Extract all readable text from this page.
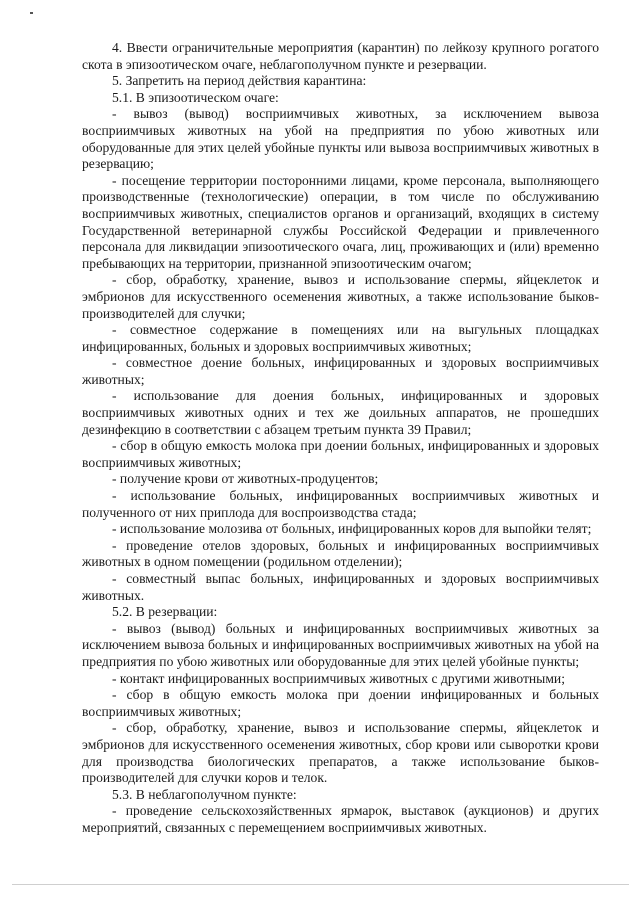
4. Ввести ограничительные мероприятия (карантин) по лейкозу крупного рогатого скота в эпизоотическом очаге, неблагополучном пункте и резервации.

5. Запретить на период действия карантина:

5.1. В эпизоотическом очаге:

- вывоз (вывод) восприимчивых животных, за исключением вывоза восприимчивых животных на убой на предприятия по убою животных или оборудованные для этих целей убойные пункты или вывоза восприимчивых животных в резервацию;

- посещение территории посторонними лицами, кроме персонала, выполняющего производственные (технологические) операции, в том числе по обслуживанию восприимчивых животных, специалистов органов и организаций, входящих в систему Государственной ветеринарной службы Российской Федерации и привлеченного персонала для ликвидации эпизоотического очага, лиц, проживающих и (или) временно пребывающих на территории, признанной эпизоотическим очагом;

- сбор, обработку, хранение, вывоз и использование спермы, яйцеклеток и эмбрионов для искусственного осеменения животных, а также использование быков-производителей для случки;

- совместное содержание в помещениях или на выгульных площадках инфицированных, больных и здоровых восприимчивых животных;

- совместное доение больных, инфицированных и здоровых восприимчивых животных;

- использование для доения больных, инфицированных и здоровых восприимчивых животных одних и тех же доильных аппаратов, не прошедших дезинфекцию в соответствии с абзацем третьим пункта 39 Правил;

- сбор в общую емкость молока при доении больных, инфицированных и здоровых восприимчивых животных;

- получение крови от животных-продуцентов;

- использование больных, инфицированных восприимчивых животных и полученного от них приплода для воспроизводства стада;

- использование молозива от больных, инфицированных коров для выпойки телят;

- проведение отелов здоровых, больных и инфицированных восприимчивых животных в одном помещении (родильном отделении);

- совместный выпас больных, инфицированных и здоровых восприимчивых животных.

5.2. В резервации:

- вывоз (вывод) больных и инфицированных восприимчивых животных за исключением вывоза больных и инфицированных восприимчивых животных на убой на предприятия по убою животных или оборудованные для этих целей убойные пункты;

- контакт инфицированных восприимчивых животных с другими животными;

- сбор в общую емкость молока при доении инфицированных и больных восприимчивых животных;

- сбор, обработку, хранение, вывоз и использование спермы, яйцеклеток и эмбрионов для искусственного осеменения животных, сбор крови или сыворотки крови для производства биологических препаратов, а также использование быков-производителей для случки коров и телок.

5.3. В неблагополучном пункте:

- проведение сельскохозяйственных ярмарок, выставок (аукционов) и других мероприятий, связанных с перемещением восприимчивых животных.
